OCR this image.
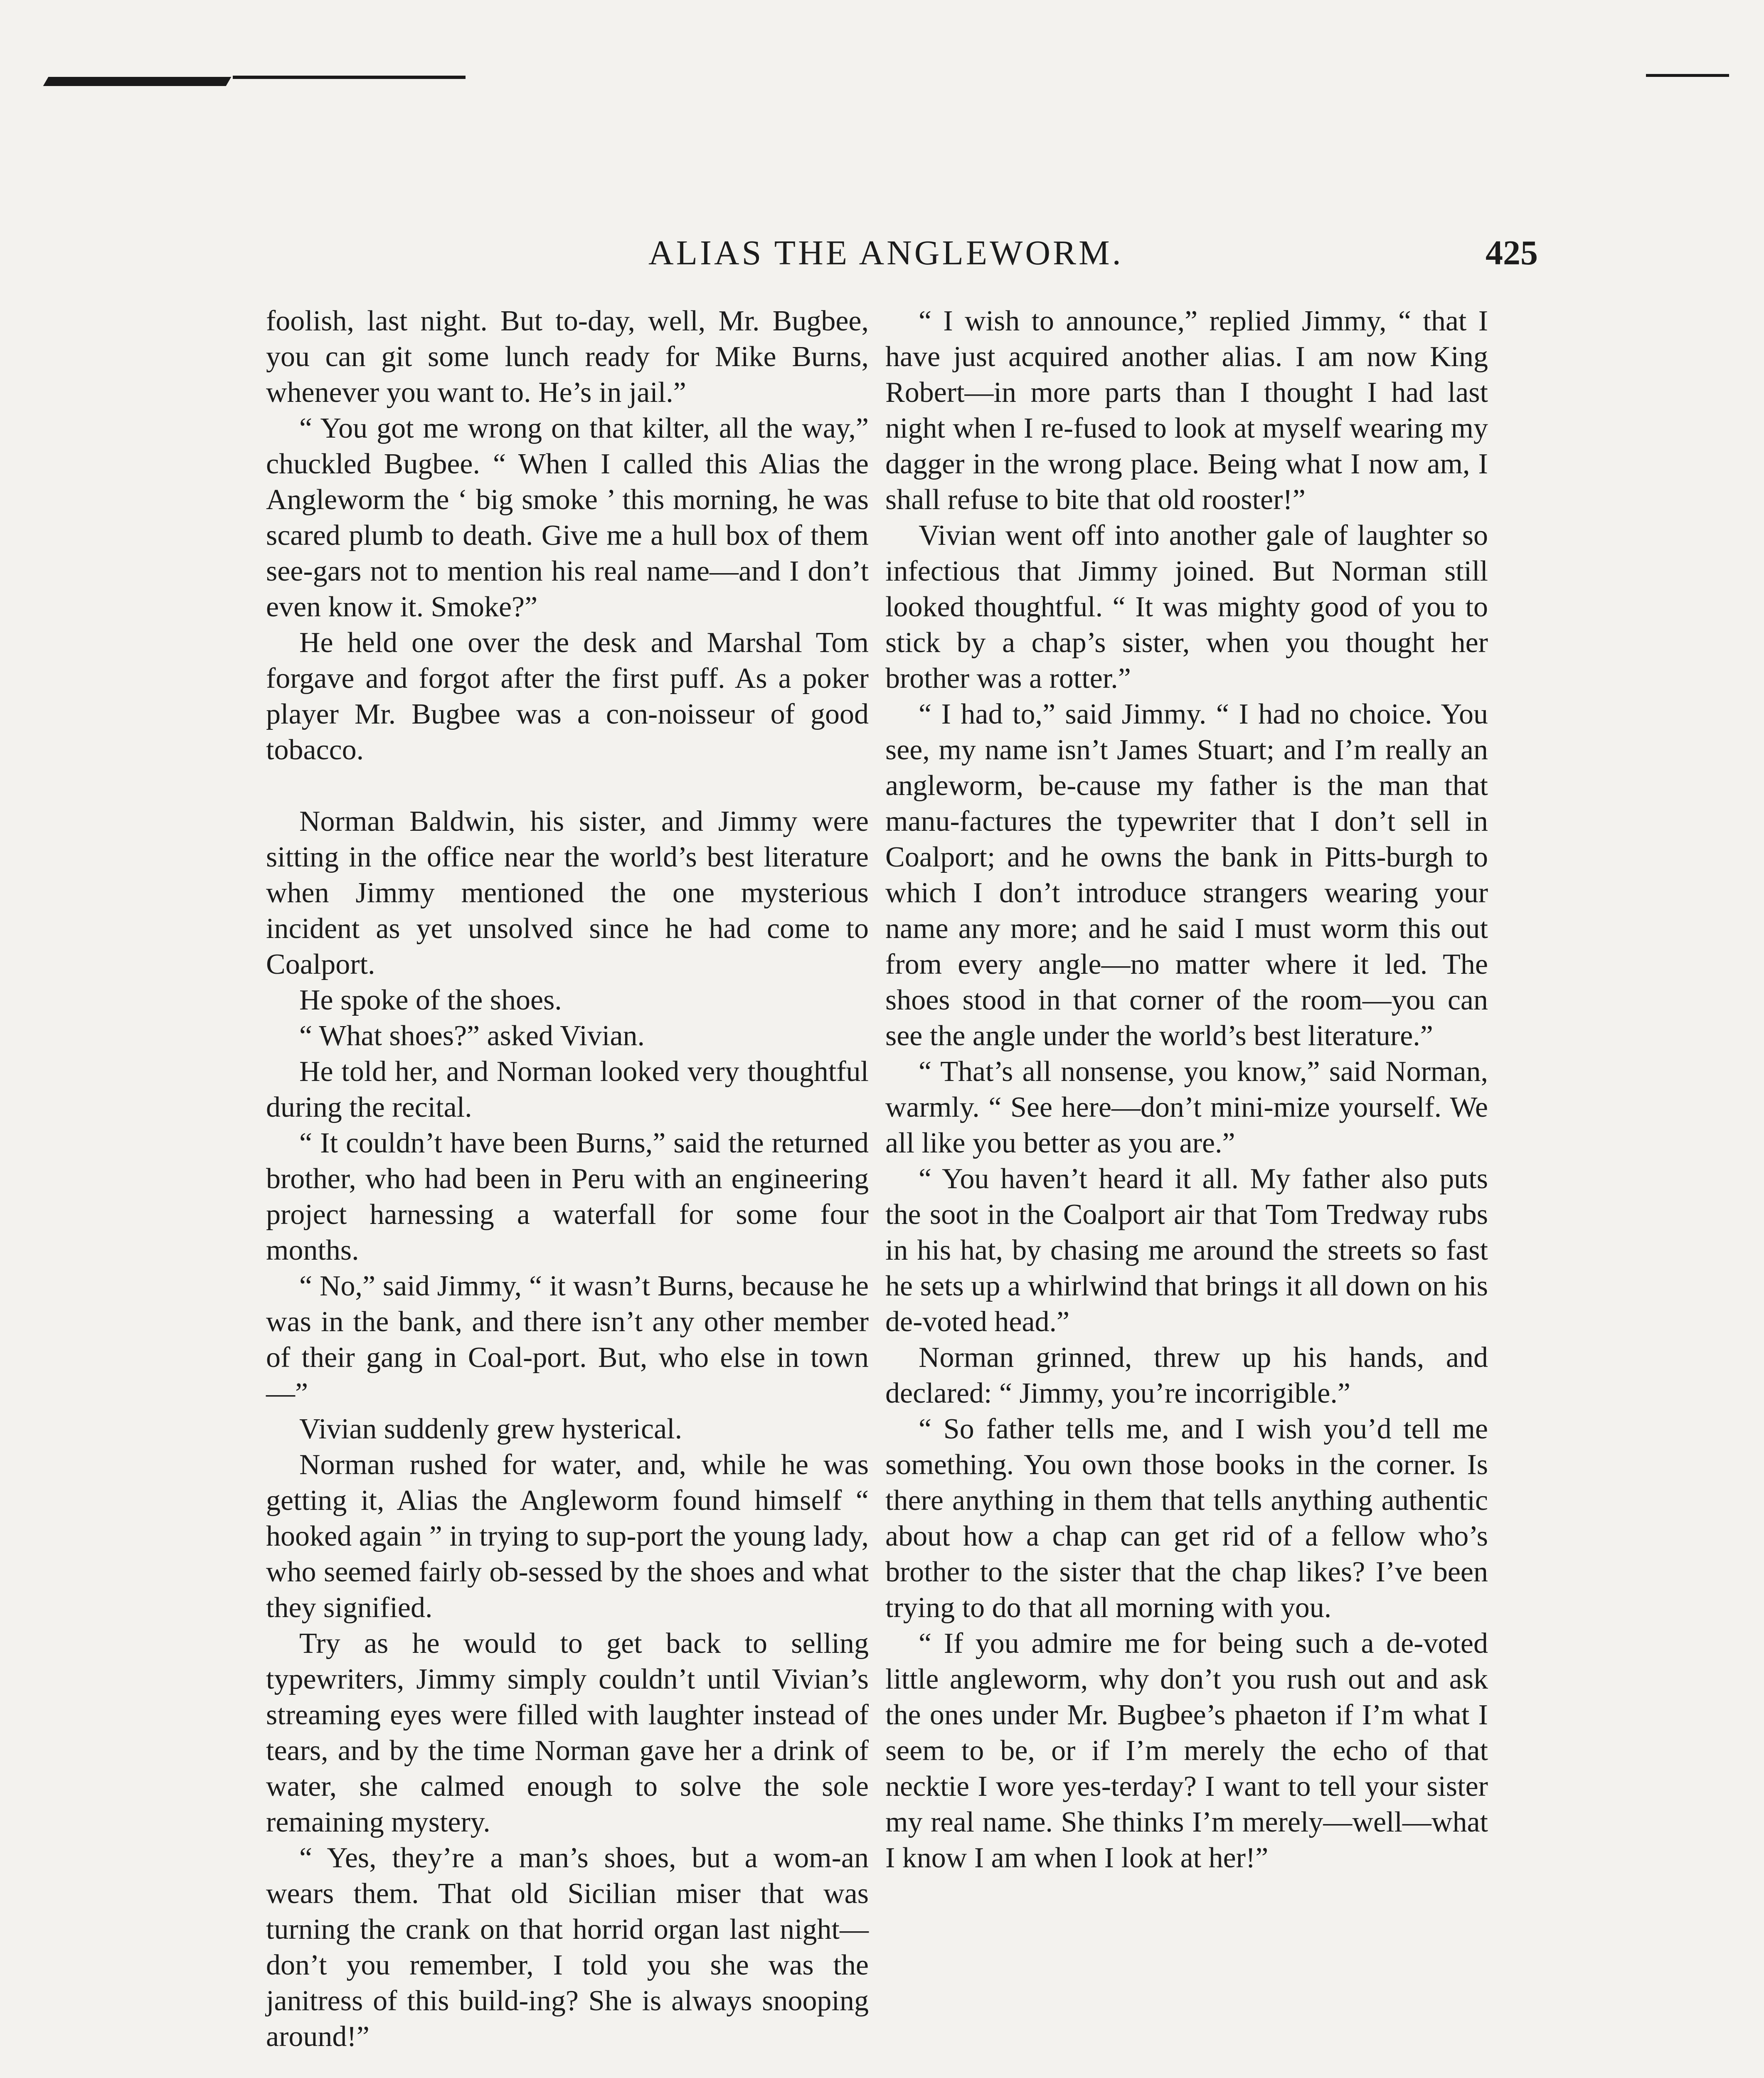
ALIAS THE ANGLEWORM.	425

foolish, last night. But to-day, well, Mr. Bugbee, you can git some lunch ready for Mike Burns, whenever you want to. He’s in jail.”

“ You got me wrong on that kilter, all the way,” chuckled Bugbee. “ When I called this Alias the Angleworm the ‘ big smoke ’ this morning, he was scared plumb to death. Give me a hull box of them see-gars not to mention his real name—and I don’t even know it. Smoke?”

He held one over the desk and Marshal Tom forgave and forgot after the first puff. As a poker player Mr. Bugbee was a con-noisseur of good tobacco.

Norman Baldwin, his sister, and Jimmy were sitting in the office near the world’s best literature when Jimmy mentioned the one mysterious incident as yet unsolved since he had come to Coalport.

He spoke of the shoes.

“ What shoes?” asked Vivian.

He told her, and Norman looked very thoughtful during the recital.

“ It couldn’t have been Burns,” said the returned brother, who had been in Peru with an engineering project harnessing a waterfall for some four months.

“ No,” said Jimmy, “ it wasn’t Burns, because he was in the bank, and there isn’t any other member of their gang in Coal-port. But, who else in town—”

Vivian suddenly grew hysterical.

Norman rushed for water, and, while he was getting it, Alias the Angleworm found himself “ hooked again ” in trying to sup-port the young lady, who seemed fairly ob-sessed by the shoes and what they signified.

Try as he would to get back to selling typewriters, Jimmy simply couldn’t until Vivian’s streaming eyes were filled with laughter instead of tears, and by the time Norman gave her a drink of water, she calmed enough to solve the sole remaining mystery.

“ Yes, they’re a man’s shoes, but a wom-an wears them. That old Sicilian miser that was turning the crank on that horrid organ last night—don’t you remember, I told you she was the janitress of this build-ing? She is always snooping around!”

“ I wish to announce,” replied Jimmy, “ that I have just acquired another alias. I am now King Robert—in more parts than I thought I had last night when I re-fused to look at myself wearing my dagger in the wrong place. Being what I now am, I shall refuse to bite that old rooster!”

Vivian went off into another gale of laughter so infectious that Jimmy joined. But Norman still looked thoughtful. “ It was mighty good of you to stick by a chap’s sister, when you thought her brother was a rotter.”

“ I had to,” said Jimmy. “ I had no choice. You see, my name isn’t James Stuart; and I’m really an angleworm, be-cause my father is the man that manu-factures the typewriter that I don’t sell in Coalport; and he owns the bank in Pitts-burgh to which I don’t introduce strangers wearing your name any more; and he said I must worm this out from every angle—no matter where it led. The shoes stood in that corner of the room—you can see the angle under the world’s best literature.”

“ That’s all nonsense, you know,” said Norman, warmly. “ See here—don’t mini-mize yourself. We all like you better as you are.”

“ You haven’t heard it all. My father also puts the soot in the Coalport air that Tom Tredway rubs in his hat, by chasing me around the streets so fast he sets up a whirlwind that brings it all down on his de-voted head.”

Norman grinned, threw up his hands, and declared: “ Jimmy, you’re incorrigible.”

“ So father tells me, and I wish you’d tell me something. You own those books in the corner. Is there anything in them that tells anything authentic about how a chap can get rid of a fellow who’s brother to the sister that the chap likes? I’ve been trying to do that all morning with you.

“ If you admire me for being such a de-voted little angleworm, why don’t you rush out and ask the ones under Mr. Bugbee’s phaeton if I’m what I seem to be, or if I’m merely the echo of that necktie I wore yes-terday? I want to tell your sister my real name. She thinks I’m merely—well—what I know I am when I look at her!”
